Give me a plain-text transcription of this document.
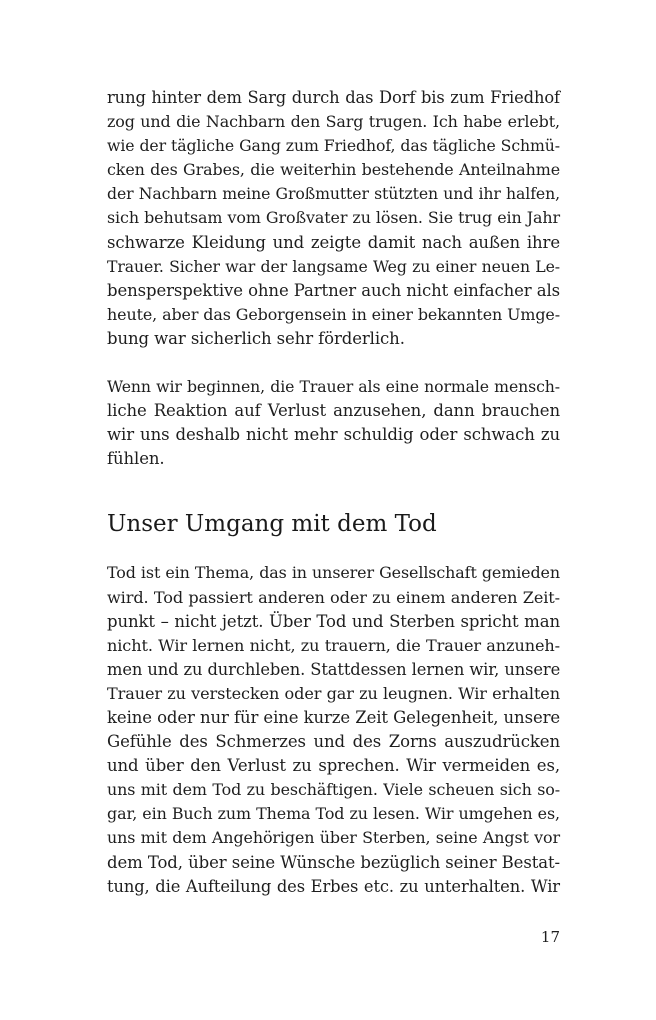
rung hinter dem Sarg durch das Dorf bis zum Friedhof
zog und die Nachbarn den Sarg trugen. Ich habe erlebt,
wie der tägliche Gang zum Friedhof, das tägliche Schmü-
cken des Grabes, die weiterhin bestehende Anteilnahme
der Nachbarn meine Großmutter stützten und ihr halfen,
sich behutsam vom Großvater zu lösen. Sie trug ein Jahr
schwarze Kleidung und zeigte damit nach außen ihre
Trauer. Sicher war der langsame Weg zu einer neuen Le-
bensperspektive ohne Partner auch nicht einfacher als
heute, aber das Geborgensein in einer bekannten Umge-
bung war sicherlich sehr förderlich.

Wenn wir beginnen, die Trauer als eine normale mensch-
liche Reaktion auf Verlust anzusehen, dann brauchen
wir uns deshalb nicht mehr schuldig oder schwach zu
fühlen.

Unser Umgang mit dem Tod

Tod ist ein Thema, das in unserer Gesellschaft gemieden
wird. Tod passiert anderen oder zu einem anderen Zeit-
punkt – nicht jetzt. Über Tod und Sterben spricht man
nicht. Wir lernen nicht, zu trauern, die Trauer anzuneh-
men und zu durchleben. Stattdessen lernen wir, unsere
Trauer zu verstecken oder gar zu leugnen. Wir erhalten
keine oder nur für eine kurze Zeit Gelegenheit, unsere
Gefühle des Schmerzes und des Zorns auszudrücken
und über den Verlust zu sprechen. Wir vermeiden es,
uns mit dem Tod zu beschäftigen. Viele scheuen sich so-
gar, ein Buch zum Thema Tod zu lesen. Wir umgehen es,
uns mit dem Angehörigen über Sterben, seine Angst vor
dem Tod, über seine Wünsche bezüglich seiner Bestat-
tung, die Aufteilung des Erbes etc. zu unterhalten. Wir

17
